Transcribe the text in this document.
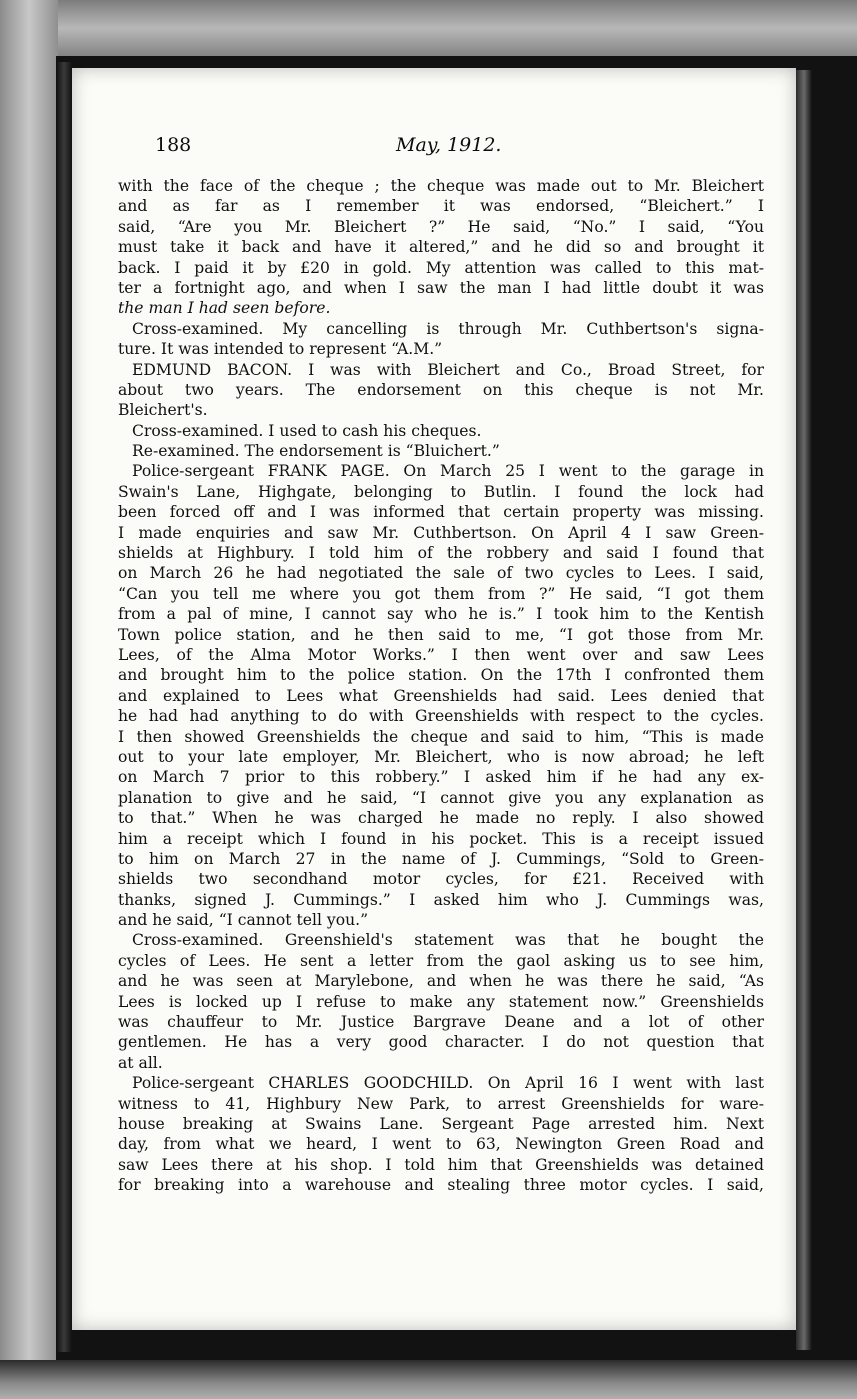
188	May, 1912.
with the face of the cheque ; the cheque was made out to Mr. Bleichert
and as far as I remember it was endorsed, “Bleichert.” I
said, “Are you Mr. Bleichert ?” He said, “No.” I said, “You
must take it back and have it altered,” and he did so and brought it
back. I paid it by £20 in gold. My attention was called to this mat-
ter a fortnight ago, and when I saw the man I had little doubt it was
the man I had seen before.
Cross-examined. My cancelling is through Mr. Cuthbertson's signa-
ture. It was intended to represent “A.M.”
EDMUND BACON. I was with Bleichert and Co., Broad Street, for
about two years. The endorsement on this cheque is not Mr.
Bleichert's.
Cross-examined. I used to cash his cheques.
Re-examined. The endorsement is “Bluichert.”
Police-sergeant FRANK PAGE. On March 25 I went to the garage in
Swain's Lane, Highgate, belonging to Butlin. I found the lock had
been forced off and I was informed that certain property was missing.
I made enquiries and saw Mr. Cuthbertson. On April 4 I saw Green-
shields at Highbury. I told him of the robbery and said I found that
on March 26 he had negotiated the sale of two cycles to Lees. I said,
“Can you tell me where you got them from ?” He said, “I got them
from a pal of mine, I cannot say who he is.” I took him to the Kentish
Town police station, and he then said to me, “I got those from Mr.
Lees, of the Alma Motor Works.” I then went over and saw Lees
and brought him to the police station. On the 17th I confronted them
and explained to Lees what Greenshields had said. Lees denied that
he had had anything to do with Greenshields with respect to the cycles.
I then showed Greenshields the cheque and said to him, “This is made
out to your late employer, Mr. Bleichert, who is now abroad; he left
on March 7 prior to this robbery.” I asked him if he had any ex-
planation to give and he said, “I cannot give you any explanation as
to that.” When he was charged he made no reply. I also showed
him a receipt which I found in his pocket. This is a receipt issued
to him on March 27 in the name of J. Cummings, “Sold to Green-
shields two secondhand motor cycles, for £21. Received with
thanks, signed J. Cummings.” I asked him who J. Cummings was,
and he said, “I cannot tell you.”
Cross-examined. Greenshield's statement was that he bought the
cycles of Lees. He sent a letter from the gaol asking us to see him,
and he was seen at Marylebone, and when he was there he said, “As
Lees is locked up I refuse to make any statement now.” Greenshields
was chauffeur to Mr. Justice Bargrave Deane and a lot of other
gentlemen. He has a very good character. I do not question that
at all.
Police-sergeant CHARLES GOODCHILD. On April 16 I went with last
witness to 41, Highbury New Park, to arrest Greenshields for ware-
house breaking at Swains Lane. Sergeant Page arrested him. Next
day, from what we heard, I went to 63, Newington Green Road and
saw Lees there at his shop. I told him that Greenshields was detained
for breaking into a warehouse and stealing three motor cycles. I said,
